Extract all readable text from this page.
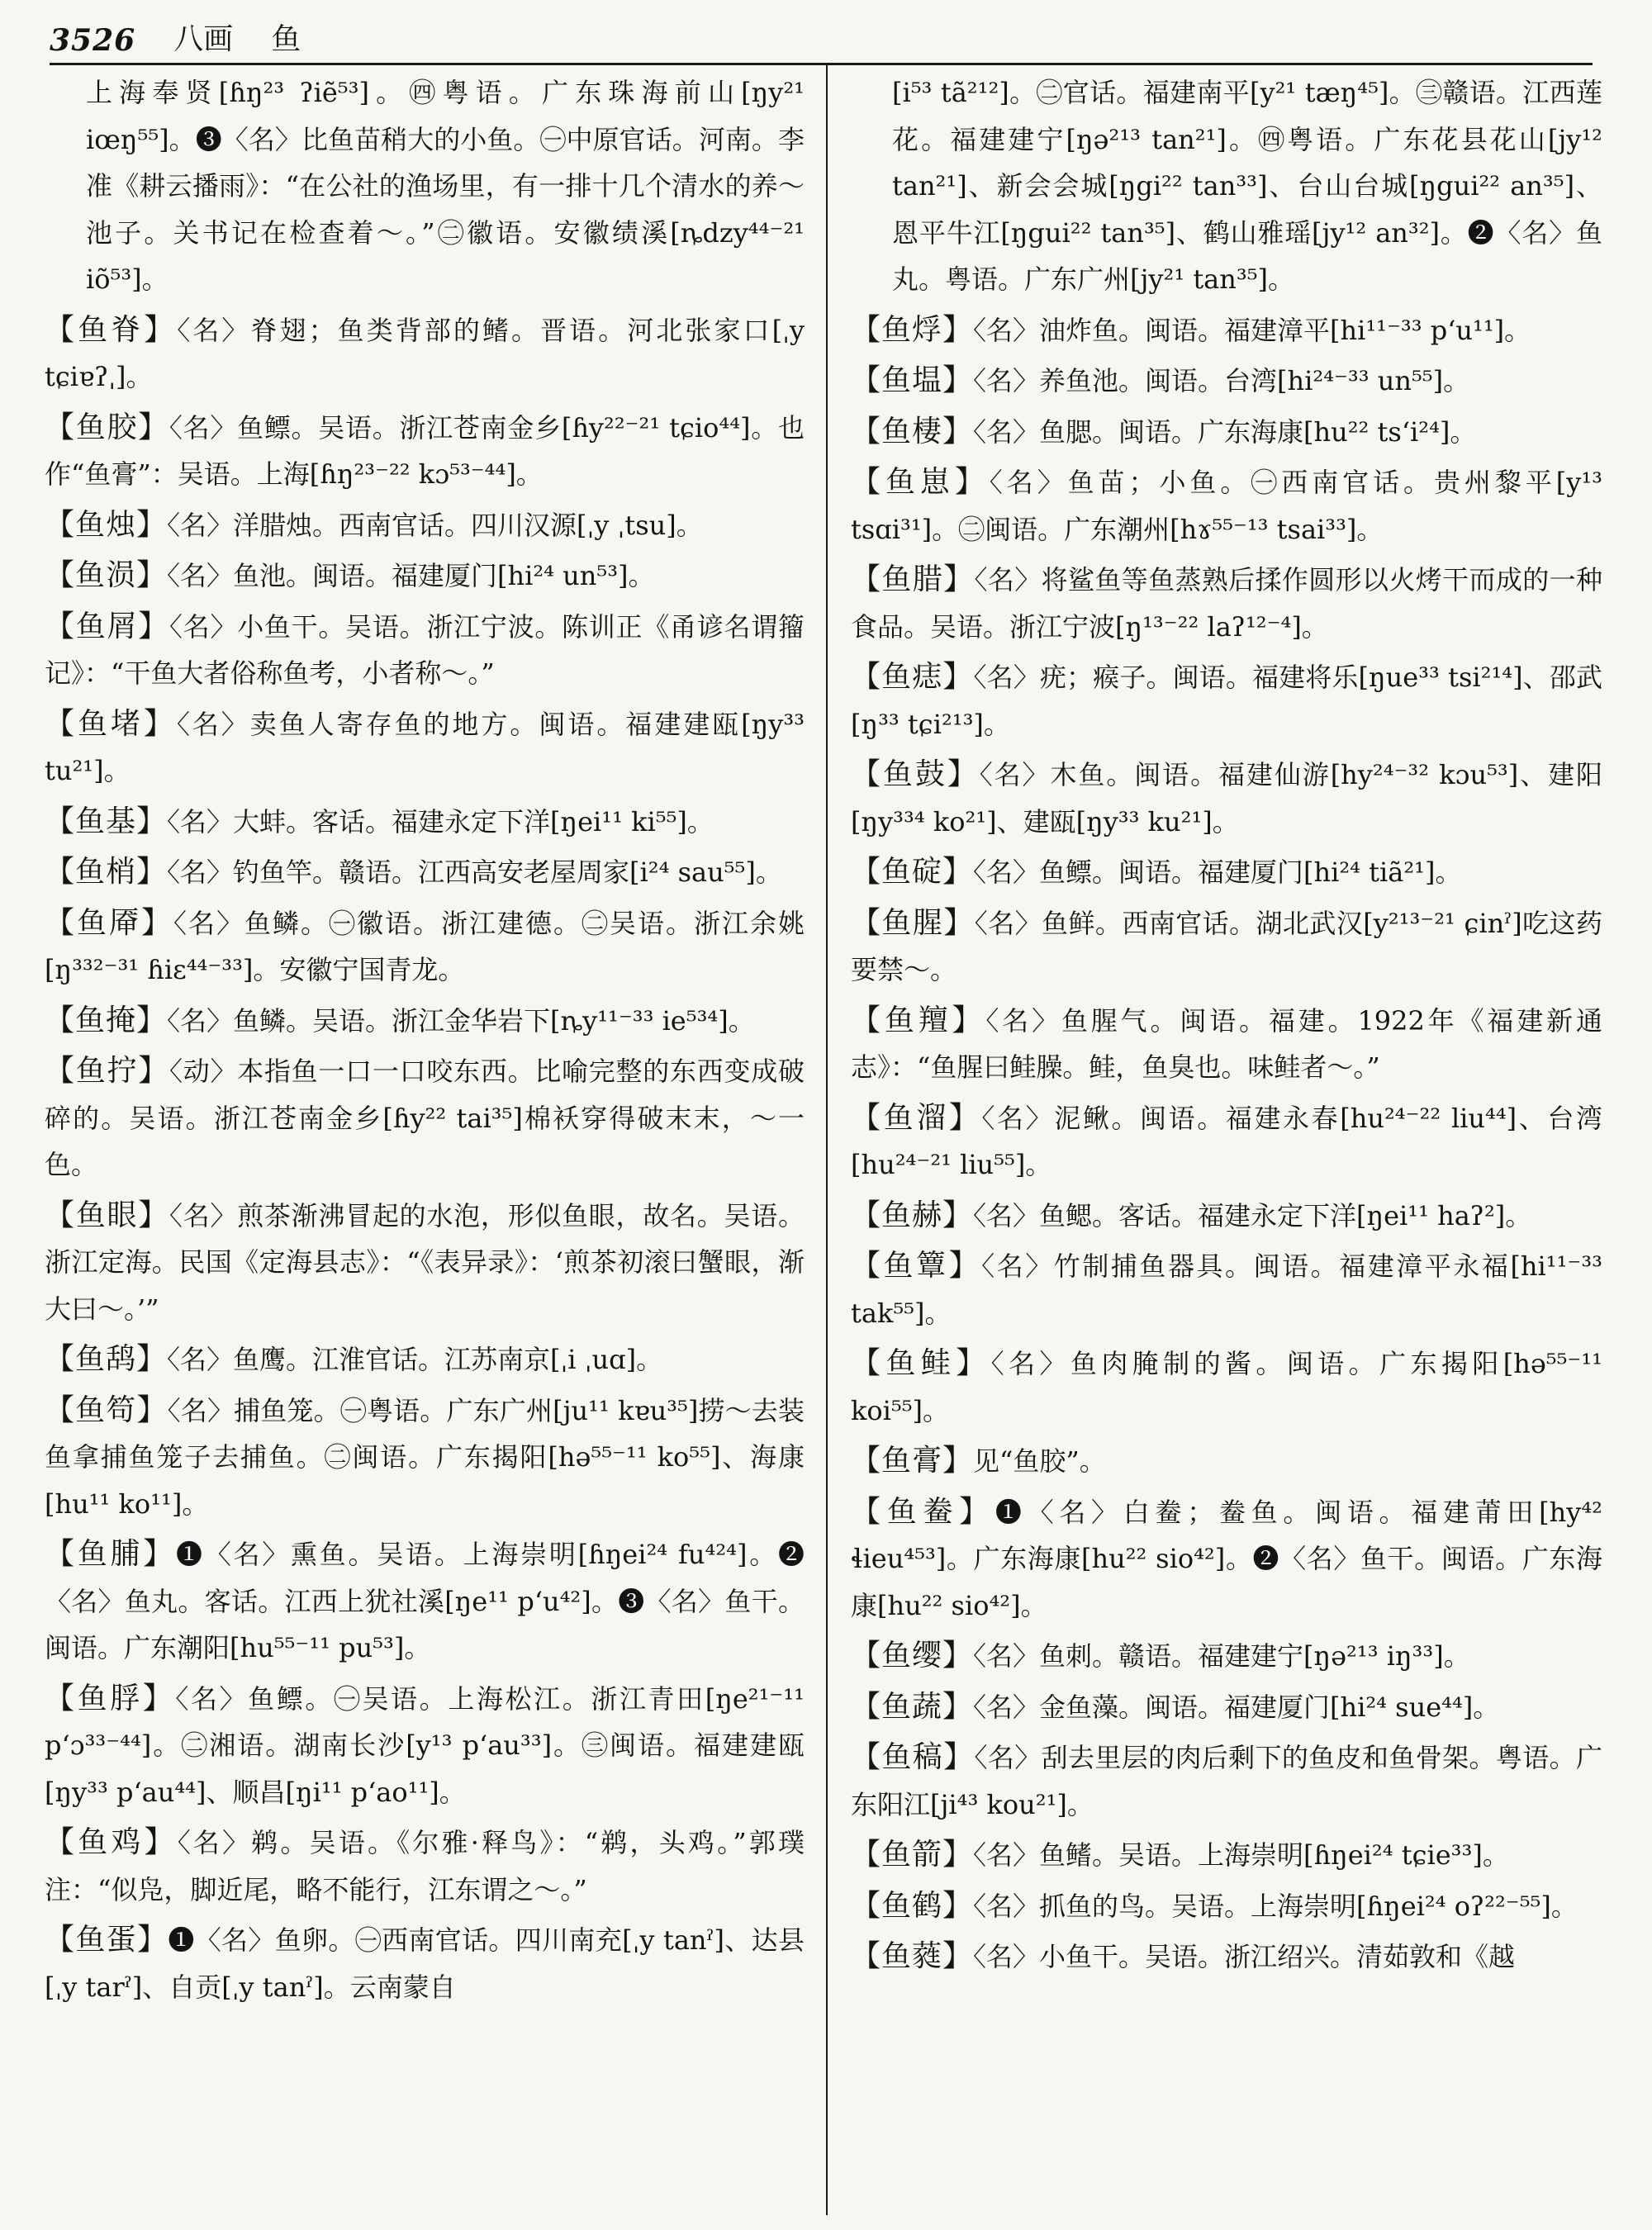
3526 八画 鱼
上海奉贤[ɦŋ²³ ʔiẽ⁵³]。㊃粤语。广东珠海前山[ŋy²¹ iœŋ⁵⁵]。❸〈名〉比鱼苗稍大的小鱼。㊀中原官话。河南。李准《耕云播雨》：“在公社的渔场里，有一排十几个清水的养～池子。关书记在检查着～。”㊁徽语。安徽绩溪[ȵdzy⁴⁴⁻²¹ iõ⁵³]。
【鱼脊】〈名〉脊翅；鱼类背部的鳍。晋语。河北张家口[ˌy tɕiɐʔˌ]。
【鱼胶】〈名〉鱼鳔。吴语。浙江苍南金乡[ɦy²²⁻²¹ tɕio⁴⁴]。也作“鱼膏”：吴语。上海[ɦŋ²³⁻²² kɔ⁵³⁻⁴⁴]。
【鱼烛】〈名〉洋腊烛。西南官话。四川汉源[ˌy ˌtsu]。
【鱼涢】〈名〉鱼池。闽语。福建厦门[hi²⁴ un⁵³]。
【鱼屑】〈名〉小鱼干。吴语。浙江宁波。陈训正《甬谚名谓籀记》：“干鱼大者俗称鱼考，小者称～。”
【鱼堵】〈名〉卖鱼人寄存鱼的地方。闽语。福建建瓯[ŋy³³ tu²¹]。
【鱼基】〈名〉大蚌。客话。福建永定下洋[ŋei¹¹ ki⁵⁵]。
【鱼梢】〈名〉钓鱼竿。赣语。江西高安老屋周家[i²⁴ sau⁵⁵]。
【鱼厣】〈名〉鱼鳞。㊀徽语。浙江建德。㊁吴语。浙江余姚[ŋ³³²⁻³¹ ɦiɛ⁴⁴⁻³³]。安徽宁国青龙。
【鱼掩】〈名〉鱼鳞。吴语。浙江金华岩下[ȵy¹¹⁻³³ ie⁵³⁴]。
【鱼拧】〈动〉本指鱼一口一口咬东西。比喻完整的东西变成破碎的。吴语。浙江苍南金乡[ɦy²² tai³⁵]棉袄穿得破末末，～一色。
【鱼眼】〈名〉煎茶渐沸冒起的水泡，形似鱼眼，故名。吴语。浙江定海。民国《定海县志》：“《表异录》：‘煎茶初滚曰蟹眼，渐大曰～。’”
【鱼鸹】〈名〉鱼鹰。江淮官话。江苏南京[ˌi ˌuɑ]。
【鱼笱】〈名〉捕鱼笼。㊀粤语。广东广州[ju¹¹ kɐu³⁵]捞～去装鱼拿捕鱼笼子去捕鱼。㊁闽语。广东揭阳[hə⁵⁵⁻¹¹ ko⁵⁵]、海康[hu¹¹ ko¹¹]。
【鱼脯】❶〈名〉熏鱼。吴语。上海崇明[ɦŋei²⁴ fu⁴²⁴]。❷〈名〉鱼丸。客话。江西上犹社溪[ŋe¹¹ p‘u⁴²]。❸〈名〉鱼干。闽语。广东潮阳[hu⁵⁵⁻¹¹ pu⁵³]。
【鱼脬】〈名〉鱼鳔。㊀吴语。上海松江。浙江青田[ŋe²¹⁻¹¹ p‘ɔ³³⁻⁴⁴]。㊁湘语。湖南长沙[y¹³ p‘au³³]。㊂闽语。福建建瓯[ŋy³³ p‘au⁴⁴]、顺昌[ŋi¹¹ p‘ao¹¹]。
【鱼鸡】〈名〉鹈。吴语。《尔雅·释鸟》：“鹈，头鸡。”郭璞注：“似凫，脚近尾，略不能行，江东谓之～。”
【鱼蛋】❶〈名〉鱼卵。㊀西南官话。四川南充[ˌy tanˀ]、达县[ˌy tarˀ]、自贡[ˌy tanˀ]。云南蒙自
[i⁵³ tã²¹²]。㊁官话。福建南平[y²¹ tæŋ⁴⁵]。㊂赣语。江西莲花。福建建宁[ŋə²¹³ tan²¹]。㊃粤语。广东花县花山[jy¹² tan²¹]、新会会城[ŋgi²² tan³³]、台山台城[ŋgui²² an³⁵]、恩平牛江[ŋgui²² tan³⁵]、鹤山雅瑶[jy¹² an³²]。❷〈名〉鱼丸。粤语。广东广州[jy²¹ tan³⁵]。
【鱼烰】〈名〉油炸鱼。闽语。福建漳平[hi¹¹⁻³³ p‘u¹¹]。
【鱼塭】〈名〉养鱼池。闽语。台湾[hi²⁴⁻³³ un⁵⁵]。
【鱼棲】〈名〉鱼腮。闽语。广东海康[hu²² ts‘i²⁴]。
【鱼崽】〈名〉鱼苗；小鱼。㊀西南官话。贵州黎平[y¹³ tsɑi³¹]。㊁闽语。广东潮州[hɤ⁵⁵⁻¹³ tsai³³]。
【鱼腊】〈名〉将鲨鱼等鱼蒸熟后揉作圆形以火烤干而成的一种食品。吴语。浙江宁波[ŋ¹³⁻²² laʔ¹²⁻⁴]。
【鱼痣】〈名〉疣；瘊子。闽语。福建将乐[ŋue³³ tsi²¹⁴]、邵武[ŋ³³ tɕi²¹³]。
【鱼鼓】〈名〉木鱼。闽语。福建仙游[hy²⁴⁻³² kɔu⁵³]、建阳[ŋy³³⁴ ko²¹]、建瓯[ŋy³³ ku²¹]。
【鱼碇】〈名〉鱼鳔。闽语。福建厦门[hi²⁴ tiã²¹]。
【鱼腥】〈名〉鱼鲜。西南官话。湖北武汉[y²¹³⁻²¹ ɕinˀ]吃这药要禁～。
【鱼羶】〈名〉鱼腥气。闽语。福建。1922年《福建新通志》：“鱼腥曰鲑臊。鲑，鱼臭也。味鲑者～。”
【鱼溜】〈名〉泥鳅。闽语。福建永春[hu²⁴⁻²² liu⁴⁴]、台湾[hu²⁴⁻²¹ liu⁵⁵]。
【鱼赫】〈名〉鱼鳃。客话。福建永定下洋[ŋei¹¹ haʔ²]。
【鱼簟】〈名〉竹制捕鱼器具。闽语。福建漳平永福[hi¹¹⁻³³ tak⁵⁵]。
【鱼鲑】〈名〉鱼肉腌制的酱。闽语。广东揭阳[hə⁵⁵⁻¹¹ koi⁵⁵]。
【鱼膏】见“鱼胶”。
【鱼鲞】❶〈名〉白鲞；鲞鱼。闽语。福建莆田[hy⁴² ɬieu⁴⁵³]。广东海康[hu²² sio⁴²]。❷〈名〉鱼干。闽语。广东海康[hu²² sio⁴²]。
【鱼缨】〈名〉鱼刺。赣语。福建建宁[ŋə²¹³ iŋ³³]。
【鱼蔬】〈名〉金鱼藻。闽语。福建厦门[hi²⁴ sue⁴⁴]。
【鱼稿】〈名〉刮去里层的肉后剩下的鱼皮和鱼骨架。粤语。广东阳江[ji⁴³ kou²¹]。
【鱼箭】〈名〉鱼鳍。吴语。上海崇明[ɦŋei²⁴ tɕie³³]。
【鱼鹤】〈名〉抓鱼的鸟。吴语。上海崇明[ɦŋei²⁴ oʔ²²⁻⁵⁵]。
【鱼蕤】〈名〉小鱼干。吴语。浙江绍兴。清茹敦和《越
